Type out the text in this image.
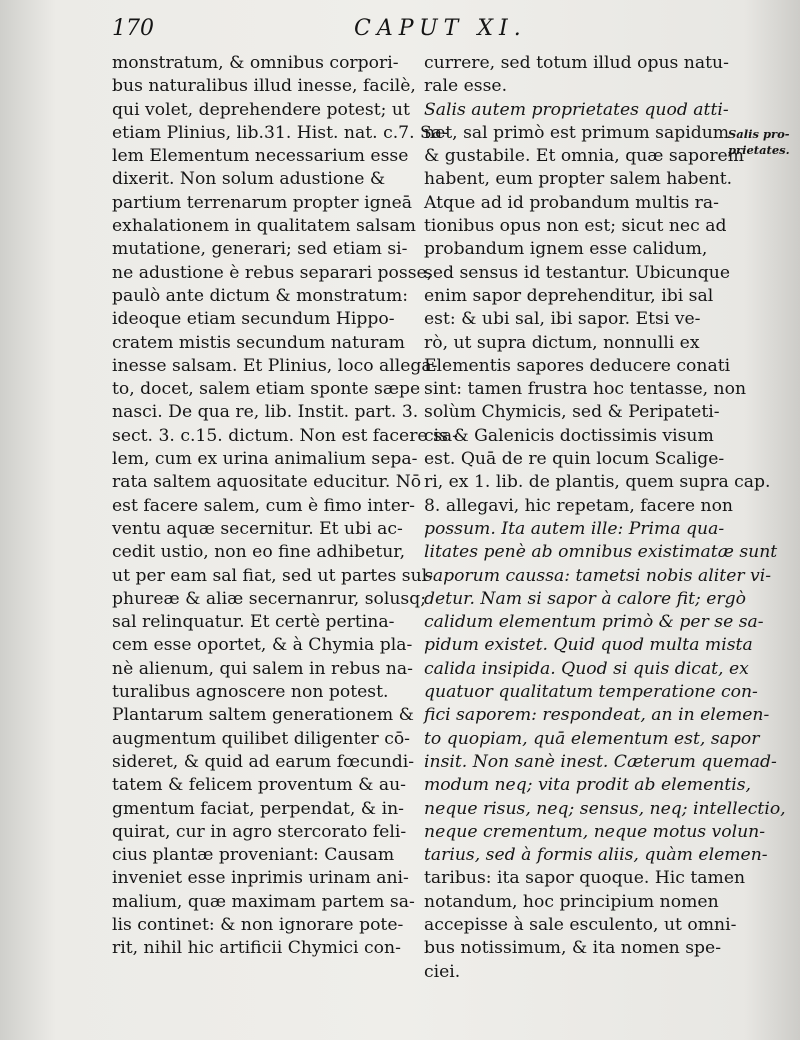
170	CAPUT XI.
monstratum, & omnibus corpori-
bus naturalibus illud inesse, facilè,
qui volet, deprehendere potest; ut
etiam Plinius, lib.31. Hist. nat. c.7. Sa-
lem Elementum necessarium esse
dixerit. Non solum adustione &
partium terrenarum propter igneā
exhalationem in qualitatem salsam
mutatione, generari; sed etiam si-
ne adustione è rebus separari posse,
paulò ante dictum & monstratum:
ideoque etiam secundum Hippo-
cratem mistis secundum naturam
inesse salsam. Et Plinius, loco allega-
to, docet, salem etiam sponte sæpe
nasci. De qua re, lib. Instit. part. 3.
sect. 3. c.15. dictum. Non est facere sa-
lem, cum ex urina animalium sepa-
rata saltem aquositate educitur. Nō
est facere salem, cum è fimo inter-
ventu aquæ secernitur. Et ubi ac-
cedit ustio, non eo fine adhibetur,
ut per eam sal fiat, sed ut partes sul-
phureæ & aliæ secernanrur, solusq;
sal relinquatur. Et certè pertina-
cem esse oportet, & à Chymia pla-
nè alienum, qui salem in rebus na-
turalibus agnoscere non potest.
Plantarum saltem generationem &
augmentum quilibet diligenter cō-
sideret, & quid ad earum fœcundi-
tatem & felicem proventum & au-
gmentum faciat, perpendat, & in-
quirat, cur in agro stercorato feli-
cius plantæ proveniant: Causam
inveniet esse inprimis urinam ani-
malium, quæ maximam partem sa-
lis continet: & non ignorare pote-
rit, nihil hic artificii Chymici con-
currere, sed totum illud opus natu-
rale esse.
Salis autem proprietates quod atti-
net, sal primò est primum sapidum
& gustabile. Et omnia, quæ saporem
habent, eum propter salem habent.
Atque ad id probandum multis ra-
tionibus opus non est; sicut nec ad
probandum ignem esse calidum,
sed sensus id testantur. Ubicunque
enim sapor deprehenditur, ibi sal
est: & ubi sal, ibi sapor. Etsi ve-
rò, ut supra dictum, nonnulli ex
Elementis sapores deducere conati
sint: tamen frustra hoc tentasse, non
solùm Chymicis, sed & Peripateti-
cis & Galenicis doctissimis visum
est. Quā de re quin locum Scalige-
ri, ex 1. lib. de plantis, quem supra cap.
8. allegavi, hic repetam, facere non
possum. Ita autem ille: Prima qua-
litates penè ab omnibus existimatæ sunt
saporum caussa: tametsi nobis aliter vi-
detur. Nam si sapor à calore fit; ergò
calidum elementum primò & per se sa-
pidum existet. Quid quod multa mista
calida insipida. Quod si quis dicat, ex
quatuor qualitatum temperatione con-
fici saporem: respondeat, an in elemen-
to quopiam, quā elementum est, sapor
insit. Non sanè inest. Cæterum quemad-
modum neq; vita prodit ab elementis,
neque risus, neq; sensus, neq; intellectio,
neque crementum, neque motus volun-
tarius, sed à formis aliis, quàm elemen-
taribus: ita sapor quoque. Hic tamen
notandum, hoc principium nomen
accepisse à sale esculento, ut omni-
bus notissimum, & ita nomen spe-
ciei.
Salis pro-
prietates.
